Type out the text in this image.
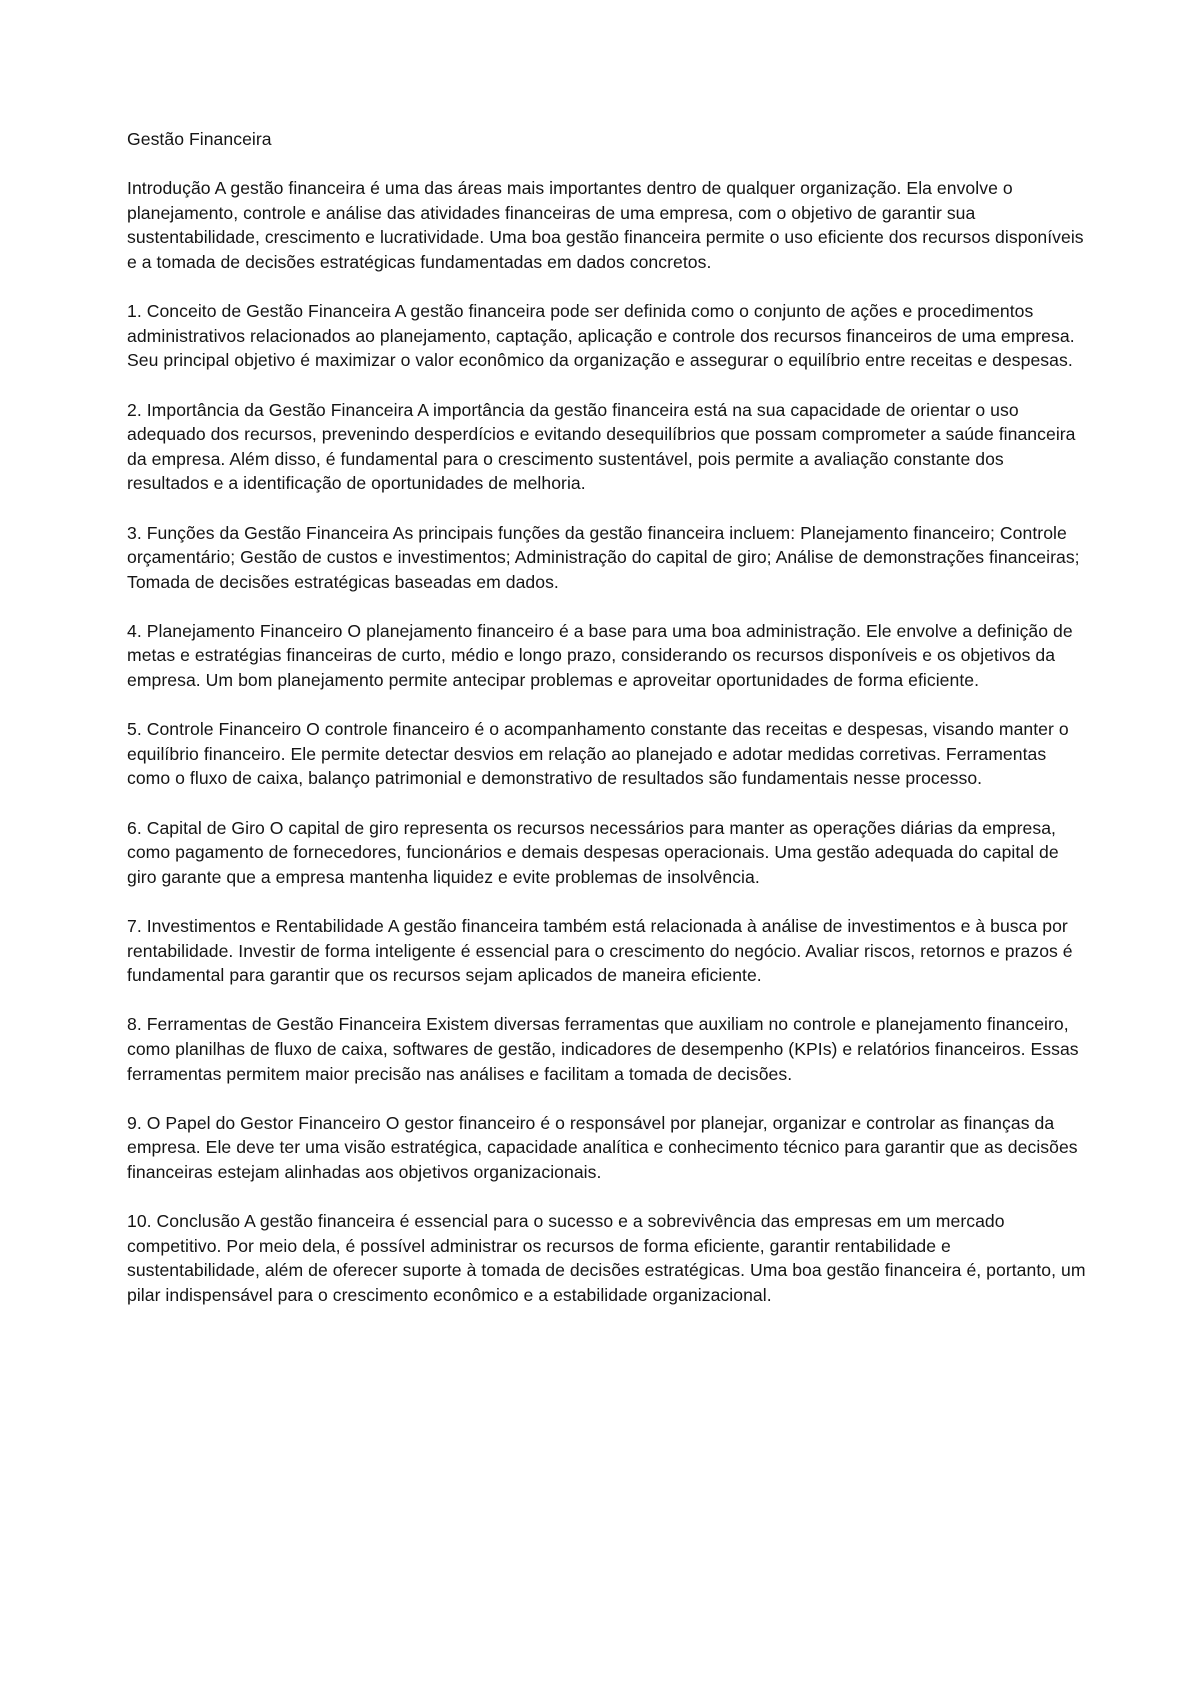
Gestão Financeira

Introdução A gestão financeira é uma das áreas mais importantes dentro de qualquer organização. Ela envolve o planejamento, controle e análise das atividades financeiras de uma empresa, com o objetivo de garantir sua sustentabilidade, crescimento e lucratividade. Uma boa gestão financeira permite o uso eficiente dos recursos disponíveis e a tomada de decisões estratégicas fundamentadas em dados concretos.

1. Conceito de Gestão Financeira A gestão financeira pode ser definida como o conjunto de ações e procedimentos administrativos relacionados ao planejamento, captação, aplicação e controle dos recursos financeiros de uma empresa. Seu principal objetivo é maximizar o valor econômico da organização e assegurar o equilíbrio entre receitas e despesas.

2. Importância da Gestão Financeira A importância da gestão financeira está na sua capacidade de orientar o uso adequado dos recursos, prevenindo desperdícios e evitando desequilíbrios que possam comprometer a saúde financeira da empresa. Além disso, é fundamental para o crescimento sustentável, pois permite a avaliação constante dos resultados e a identificação de oportunidades de melhoria.

3. Funções da Gestão Financeira As principais funções da gestão financeira incluem: Planejamento financeiro; Controle orçamentário; Gestão de custos e investimentos; Administração do capital de giro; Análise de demonstrações financeiras; Tomada de decisões estratégicas baseadas em dados.

4. Planejamento Financeiro O planejamento financeiro é a base para uma boa administração. Ele envolve a definição de metas e estratégias financeiras de curto, médio e longo prazo, considerando os recursos disponíveis e os objetivos da empresa. Um bom planejamento permite antecipar problemas e aproveitar oportunidades de forma eficiente.

5. Controle Financeiro O controle financeiro é o acompanhamento constante das receitas e despesas, visando manter o equilíbrio financeiro. Ele permite detectar desvios em relação ao planejado e adotar medidas corretivas. Ferramentas como o fluxo de caixa, balanço patrimonial e demonstrativo de resultados são fundamentais nesse processo.

6. Capital de Giro O capital de giro representa os recursos necessários para manter as operações diárias da empresa, como pagamento de fornecedores, funcionários e demais despesas operacionais. Uma gestão adequada do capital de giro garante que a empresa mantenha liquidez e evite problemas de insolvência.

7. Investimentos e Rentabilidade A gestão financeira também está relacionada à análise de investimentos e à busca por rentabilidade. Investir de forma inteligente é essencial para o crescimento do negócio. Avaliar riscos, retornos e prazos é fundamental para garantir que os recursos sejam aplicados de maneira eficiente.

8. Ferramentas de Gestão Financeira Existem diversas ferramentas que auxiliam no controle e planejamento financeiro, como planilhas de fluxo de caixa, softwares de gestão, indicadores de desempenho (KPIs) e relatórios financeiros. Essas ferramentas permitem maior precisão nas análises e facilitam a tomada de decisões.

9. O Papel do Gestor Financeiro O gestor financeiro é o responsável por planejar, organizar e controlar as finanças da empresa. Ele deve ter uma visão estratégica, capacidade analítica e conhecimento técnico para garantir que as decisões financeiras estejam alinhadas aos objetivos organizacionais.

10. Conclusão A gestão financeira é essencial para o sucesso e a sobrevivência das empresas em um mercado competitivo. Por meio dela, é possível administrar os recursos de forma eficiente, garantir rentabilidade e sustentabilidade, além de oferecer suporte à tomada de decisões estratégicas. Uma boa gestão financeira é, portanto, um pilar indispensável para o crescimento econômico e a estabilidade organizacional.
